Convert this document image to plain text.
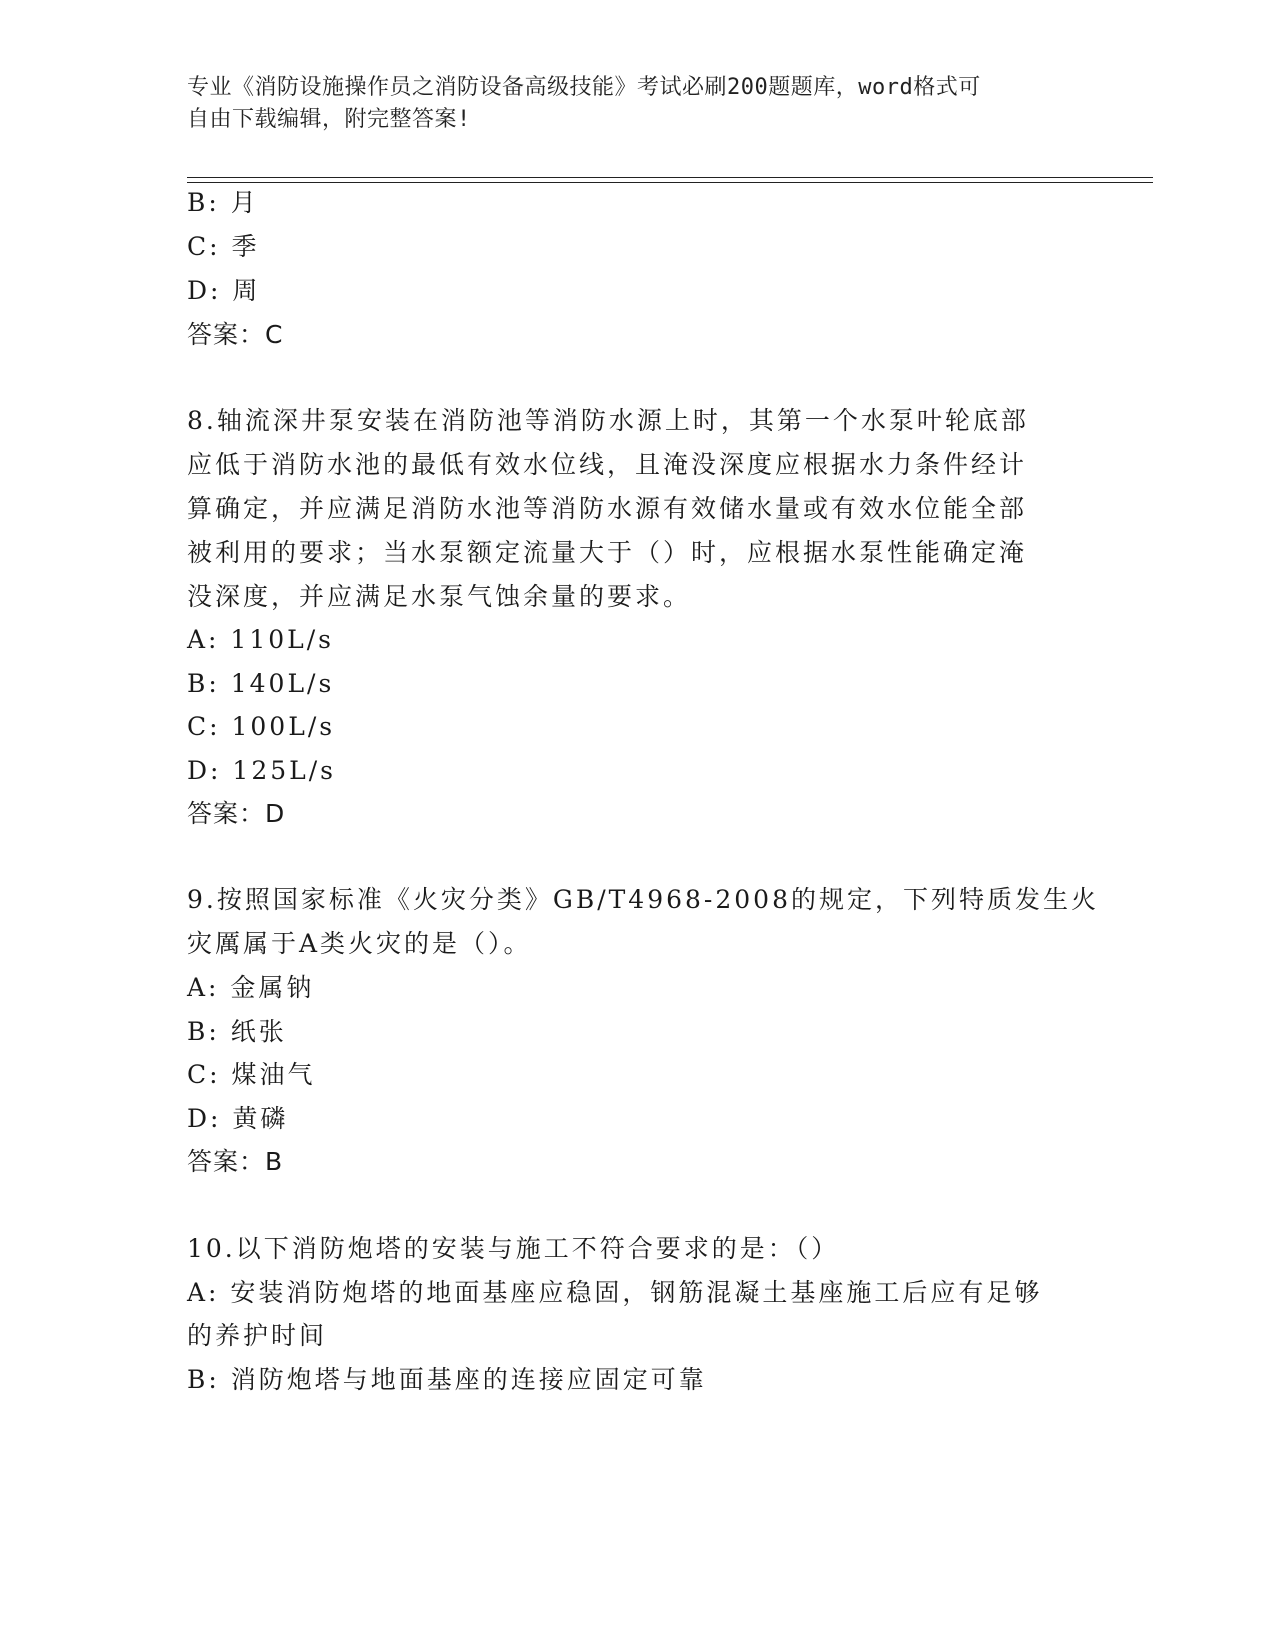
专业《消防设施操作员之消防设备高级技能》考试必刷200题题库，word格式可
自由下载编辑，附完整答案!
B: 月
C: 季
D: 周
答案：C
8.轴流深井泵安装在消防池等消防水源上时，其第一个水泵叶轮底部
应低于消防水池的最低有效水位线，且淹没深度应根据水力条件经计
算确定，并应满足消防水池等消防水源有效储水量或有效水位能全部
被利用的要求；当水泵额定流量大于（）时，应根据水泵性能确定淹
没深度，并应满足水泵气蚀余量的要求。
A: 110L/s
B: 140L/s
C: 100L/s
D: 125L/s
答案：D
9.按照国家标准《火灾分类》GB/T4968-2008的规定，下列特质发生火
灾厲属于A类火灾的是（）。
A: 金属钠
B: 纸张
C: 煤油气
D: 黄磷
答案：B
10.以下消防炮塔的安装与施工不符合要求的是：（）
A: 安装消防炮塔的地面基座应稳固，钢筋混凝土基座施工后应有足够
的养护时间
B: 消防炮塔与地面基座的连接应固定可靠
